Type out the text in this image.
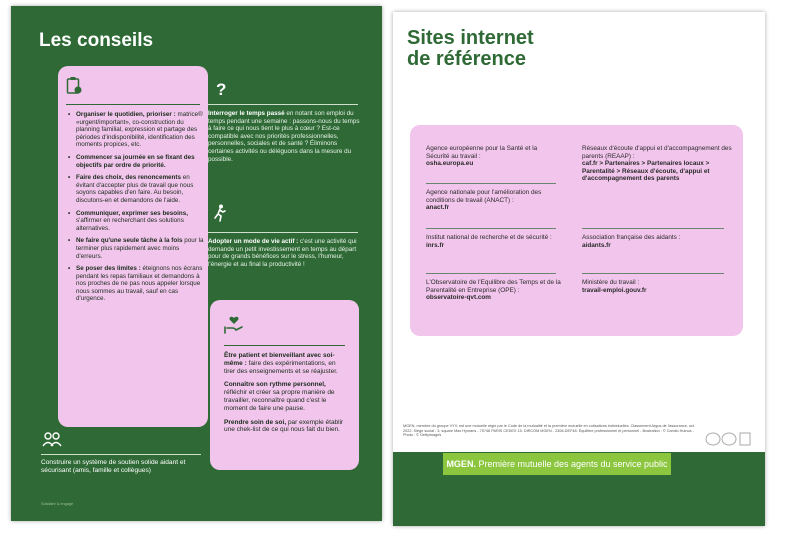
Les conseils
• Organiser le quotidien, prioriser : matrice® «urgent/important», co-construction du planning familial, expression et partage des périodes d'indisponibilité, identification des moments propices, etc.
• Commencer sa journée en se fixant des objectifs par ordre de priorité.
• Faire des choix, des renoncements en évitant d'accepter plus de travail que nous soyons capables d'en faire. Au besoin, discutons-en et demandons de l'aide.
• Communiquer, exprimer ses besoins, s'affirmer en recherchant des solutions alternatives.
• Ne faire qu'une seule tâche à la fois pour la terminer plus rapidement avec moins d'erreurs.
• Se poser des limites : éteignons nos écrans pendant les repas familiaux et demandons à nos proches de ne pas nous appeler lorsque nous sommes au travail, sauf en cas d'urgence.
Construire un système de soutien solide aidant et sécurisant (amis, famille et collègues)
Solidaire & engagé
?
Interroger le temps passé en notant son emploi du temps pendant une semaine : passons-nous du temps à faire ce qui nous tient le plus à cœur ? Est-ce compatible avec nos priorités professionnelles, personnelles, sociales et de santé ? Éliminons certaines activités ou déléguons dans la mesure du possible.
Adopter un mode de vie actif : c'est une activité qui demande un petit investissement en temps au départ pour de grands bénéfices sur le stress, l'humeur, l'énergie et au final la productivité !

Être patient et bienveillant avec soi-même : faire des expérimentations, en tirer des enseignements et se réajuster.

Connaître son rythme personnel, réfléchir et créer sa propre manière de travailler, reconnaître quand c'est le moment de faire une pause.

Prendre soin de soi, par exemple établir une chek-list de ce qui nous fait du bien.

Sites internet
de référence
Agence européenne pour la Santé et la Sécurité au travail :
osha.europa.eu
Réseaux d'écoute d'appui et d'accompagnement des parents (REAAP) :
caf.fr > Partenaires > Partenaires locaux > Parentalité > Réseaux d'écoute, d'appui et d'accompagnement des parents
Agence nationale pour l'amélioration des conditions de travail (ANACT) :
anact.fr
Institut national de recherche et de sécurité :
inrs.fr
Association française des aidants :
aidants.fr
L'Observatoire de l'Equilibre des Temps et de la Parentalité en Entreprise (OPE) :
observatoire-qvt.com
Ministère du travail :
travail-emploi.gouv.fr
MGEN, membre du groupe VYV, est une mutuelle régie par le Code de la mutualité et la première mutuelle en cotisations individuelles. Classement Argus de l'assurance, oct. 2022. Siège social : 3, square Max Hymans - 75748 PARIS CEDEX 15. DIRCOM MGEN - 2308-DEF48. Équilibre professionnel et personnel - Illustration : © Camilo Huinca - Photo : © Gettyimages
MGEN. Première mutuelle des agents du service public
